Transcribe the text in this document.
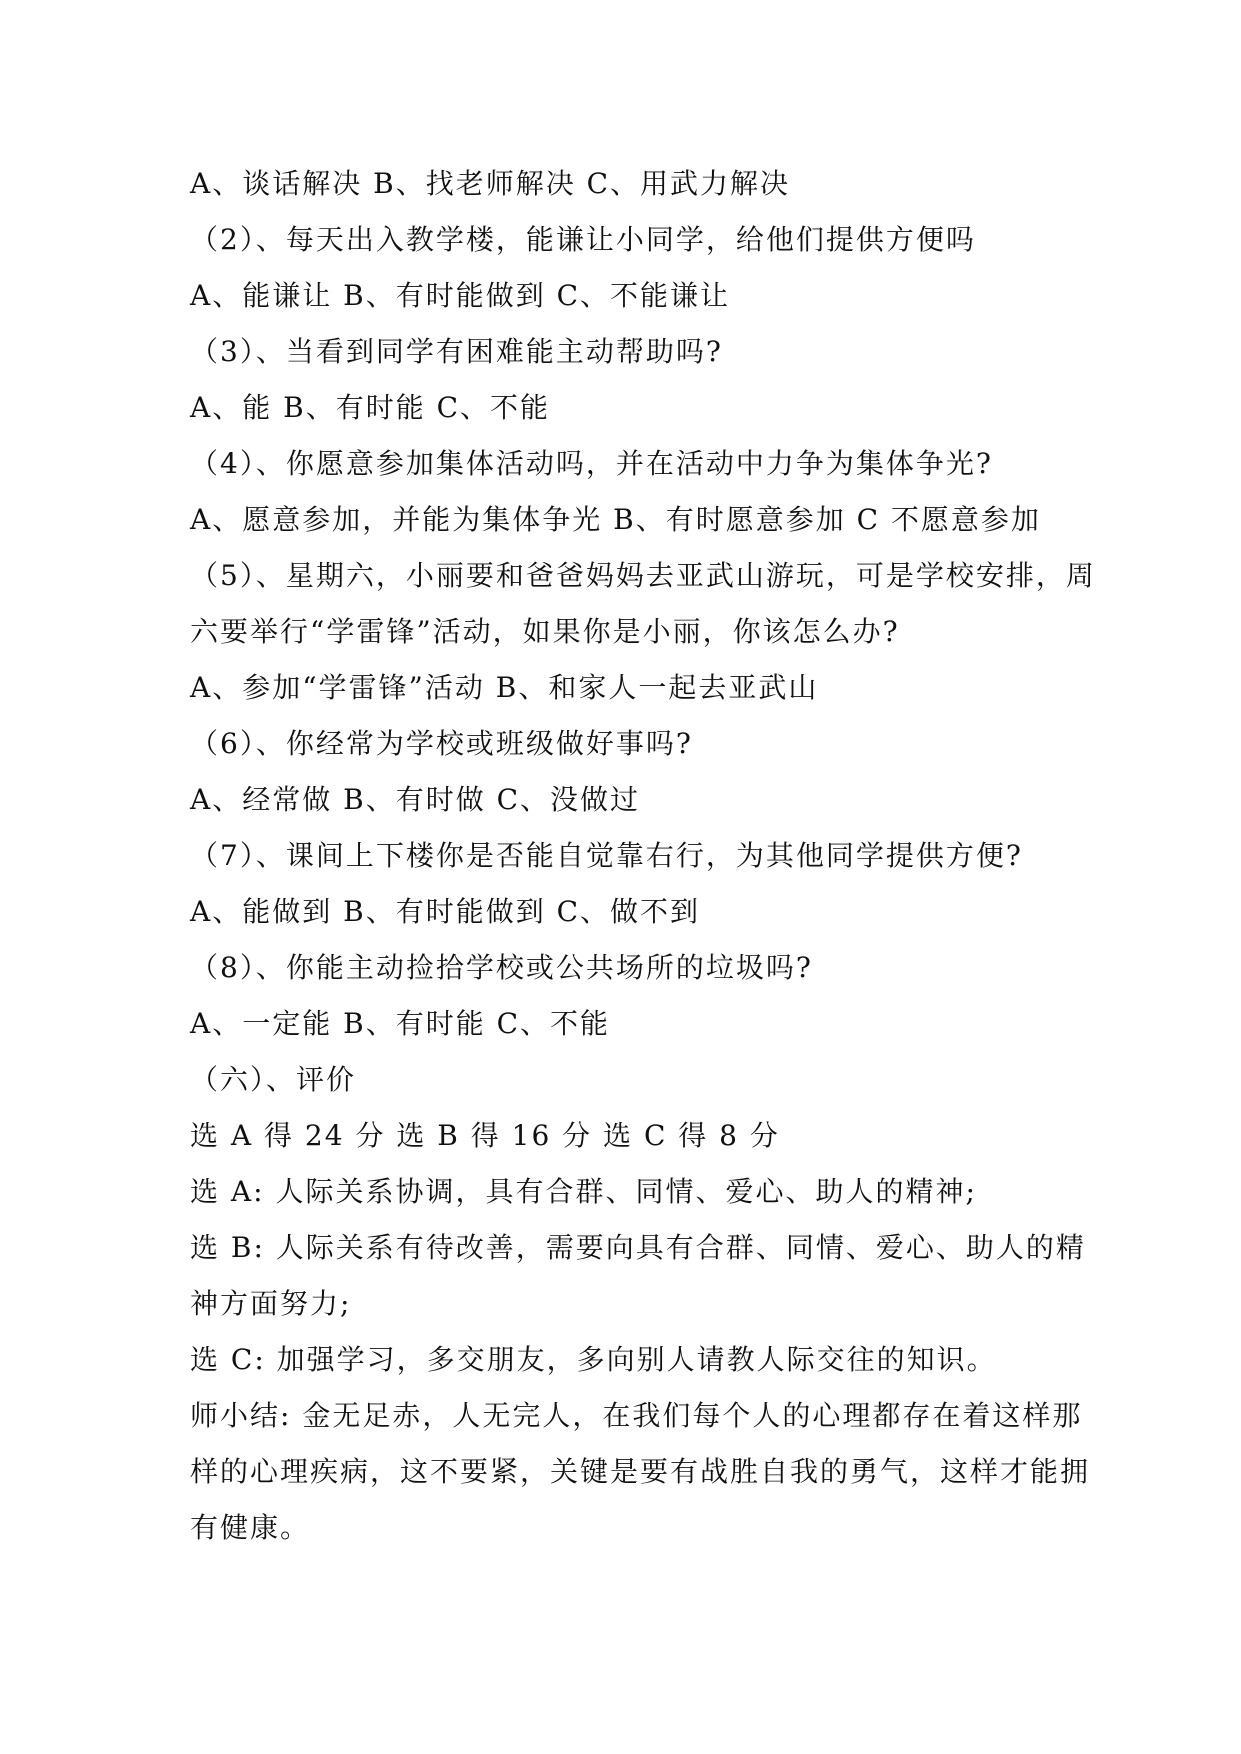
A、谈话解决 B、找老师解决 C、用武力解决
（2）、每天出入教学楼，能谦让小同学，给他们提供方便吗
A、能谦让 B、有时能做到 C、不能谦让
（3）、当看到同学有困难能主动帮助吗?
A、能 B、有时能 C、不能
（4）、你愿意参加集体活动吗，并在活动中力争为集体争光?
A、愿意参加，并能为集体争光 B、有时愿意参加 C 不愿意参加
（5）、星期六，小丽要和爸爸妈妈去亚武山游玩，可是学校安排，周
六要举行“学雷锋”活动，如果你是小丽，你该怎么办?
A、参加“学雷锋”活动 B、和家人一起去亚武山
（6）、你经常为学校或班级做好事吗?
A、经常做 B、有时做 C、没做过
（7）、课间上下楼你是否能自觉靠右行，为其他同学提供方便?
A、能做到 B、有时能做到 C、做不到
（8）、你能主动捡拾学校或公共场所的垃圾吗?
A、一定能 B、有时能 C、不能
（六）、评价
选 A 得 24 分 选 B 得 16 分 选 C 得 8 分
选 A: 人际关系协调，具有合群、同情、爱心、助人的精神;
选 B: 人际关系有待改善，需要向具有合群、同情、爱心、助人的精
神方面努力;
选 C: 加强学习，多交朋友，多向别人请教人际交往的知识。
师小结: 金无足赤，人无完人，在我们每个人的心理都存在着这样那
样的心理疾病，这不要紧，关键是要有战胜自我的勇气，这样才能拥
有健康。
